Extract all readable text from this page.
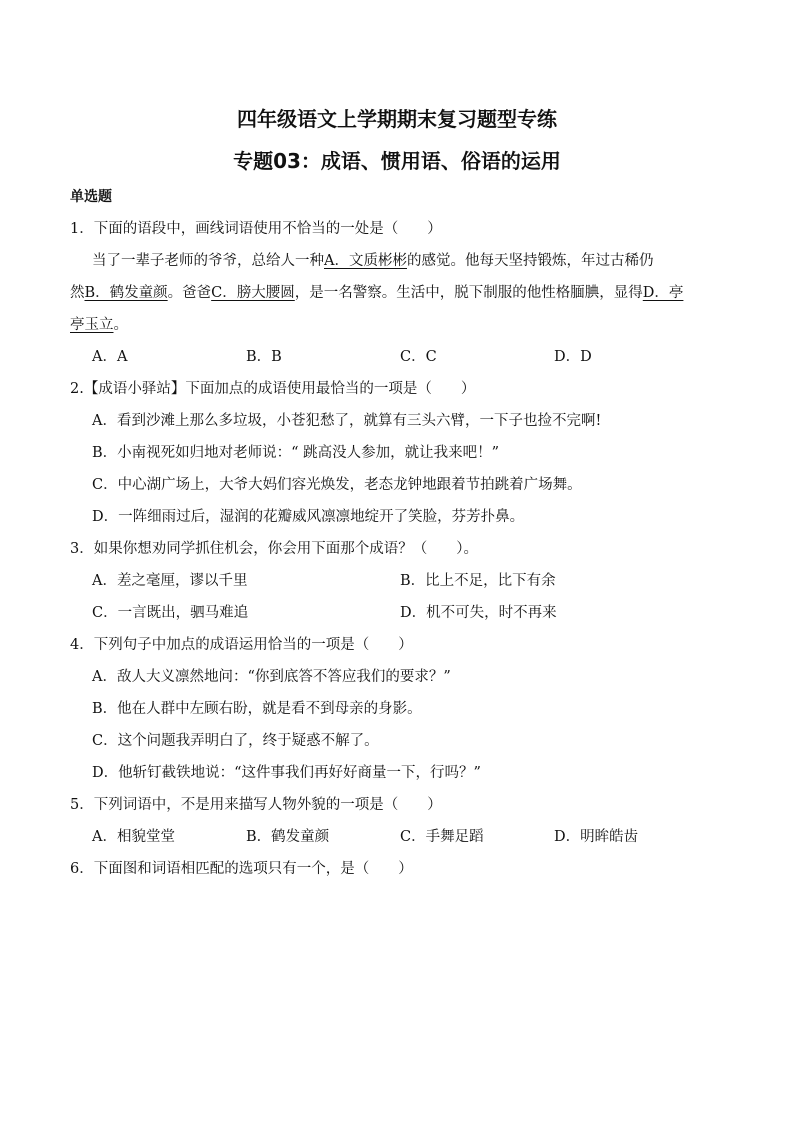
四年级语文上学期期末复习题型专练
专题03：成语、惯用语、俗语的运用
单选题
1．下面的语段中，画线词语使用不恰当的一处是（　　）
当了一辈子老师的爷爷，总给人一种A．文质彬彬的感觉。他每天坚持锻炼，年过古稀仍
然B．鹤发童颜。爸爸C．膀大腰圆，是一名警察。生活中，脱下制服的他性格腼腆，显得D．亭
亭玉立。
A．A	B．B	C．C	D．D
2.【成语小驿站】下面加点的成语使用最恰当的一项是（　　）
A．看到沙滩上那么多垃圾，小苍犯愁了，就算有三头六臂，一下子也捡不完啊!
B．小南视死如归地对老师说：“ 跳高没人参加，就让我来吧！”
C．中心湖广场上，大爷大妈们容光焕发，老态龙钟地跟着节拍跳着广场舞。
D．一阵细雨过后，湿润的花瓣威风凛凛地绽开了笑脸，芬芳扑鼻。
3．如果你想劝同学抓住机会，你会用下面那个成语？（　　）。
A．差之毫厘，谬以千里	B．比上不足，比下有余
C．一言既出，驷马难追	D．机不可失，时不再来
4．下列句子中加点的成语运用恰当的一项是（　　）
A．敌人大义凛然地问：“你到底答不答应我们的要求？”
B．他在人群中左顾右盼，就是看不到母亲的身影。
C．这个问题我弄明白了，终于疑惑不解了。
D．他斩钉截铁地说：“这件事我们再好好商量一下，行吗？”
5．下列词语中，不是用来描写人物外貌的一项是（　　）
A．相貌堂堂	B．鹤发童颜	C．手舞足蹈	D．明眸皓齿
6．下面图和词语相匹配的选项只有一个，是（　　）
